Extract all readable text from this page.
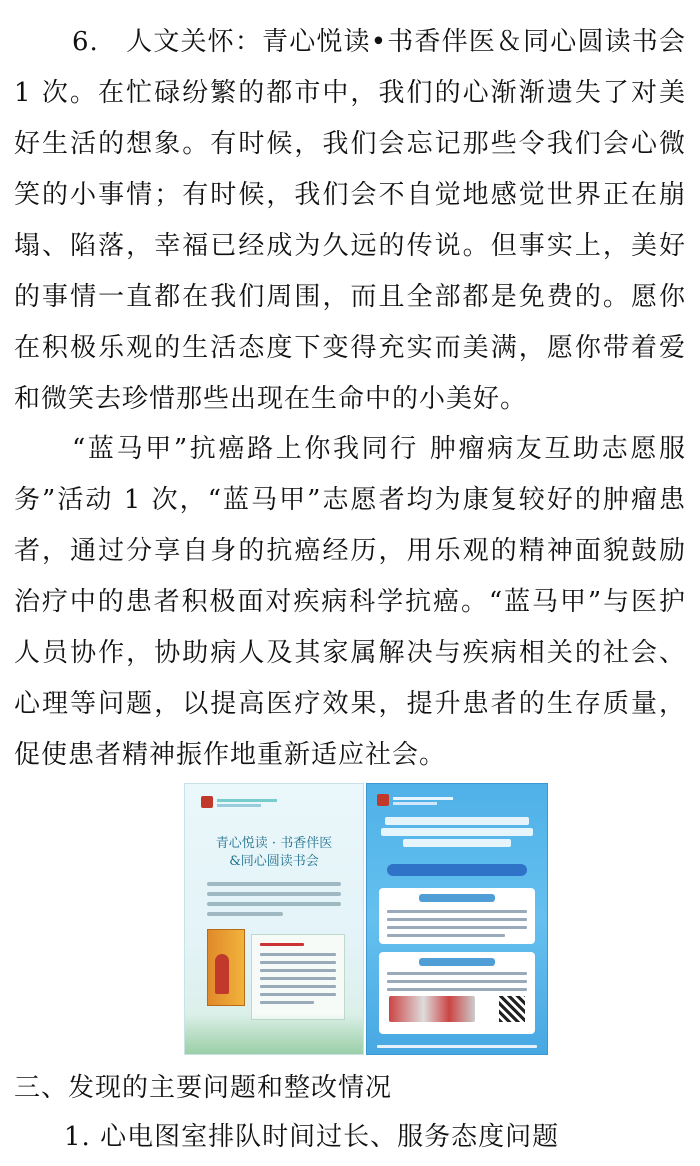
6.　人文关怀：青心悦读•书香伴医＆同心圆读书会 1 次。在忙碌纷繁的都市中，我们的心渐渐遗失了对美好生活的想象。有时候，我们会忘记那些令我们会心微笑的小事情；有时候，我们会不自觉地感觉世界正在崩塌、陷落，幸福已经成为久远的传说。但事实上，美好的事情一直都在我们周围，而且全部都是免费的。愿你在积极乐观的生活态度下变得充实而美满，愿你带着爱和微笑去珍惜那些出现在生命中的小美好。

“蓝马甲”抗癌路上你我同行 肿瘤病友互助志愿服务”活动 1 次，“蓝马甲”志愿者均为康复较好的肿瘤患者，通过分享自身的抗癌经历，用乐观的精神面貌鼓励治疗中的患者积极面对疾病科学抗癌。“蓝马甲”与医护人员协作，协助病人及其家属解决与疾病相关的社会、心理等问题，以提高医疗效果，提升患者的生存质量，促使患者精神振作地重新适应社会。

青心悦读 · 书香伴医
&同心圆读书会

三、发现的主要问题和整改情况

1. 心电图室排队时间过长、服务态度问题
